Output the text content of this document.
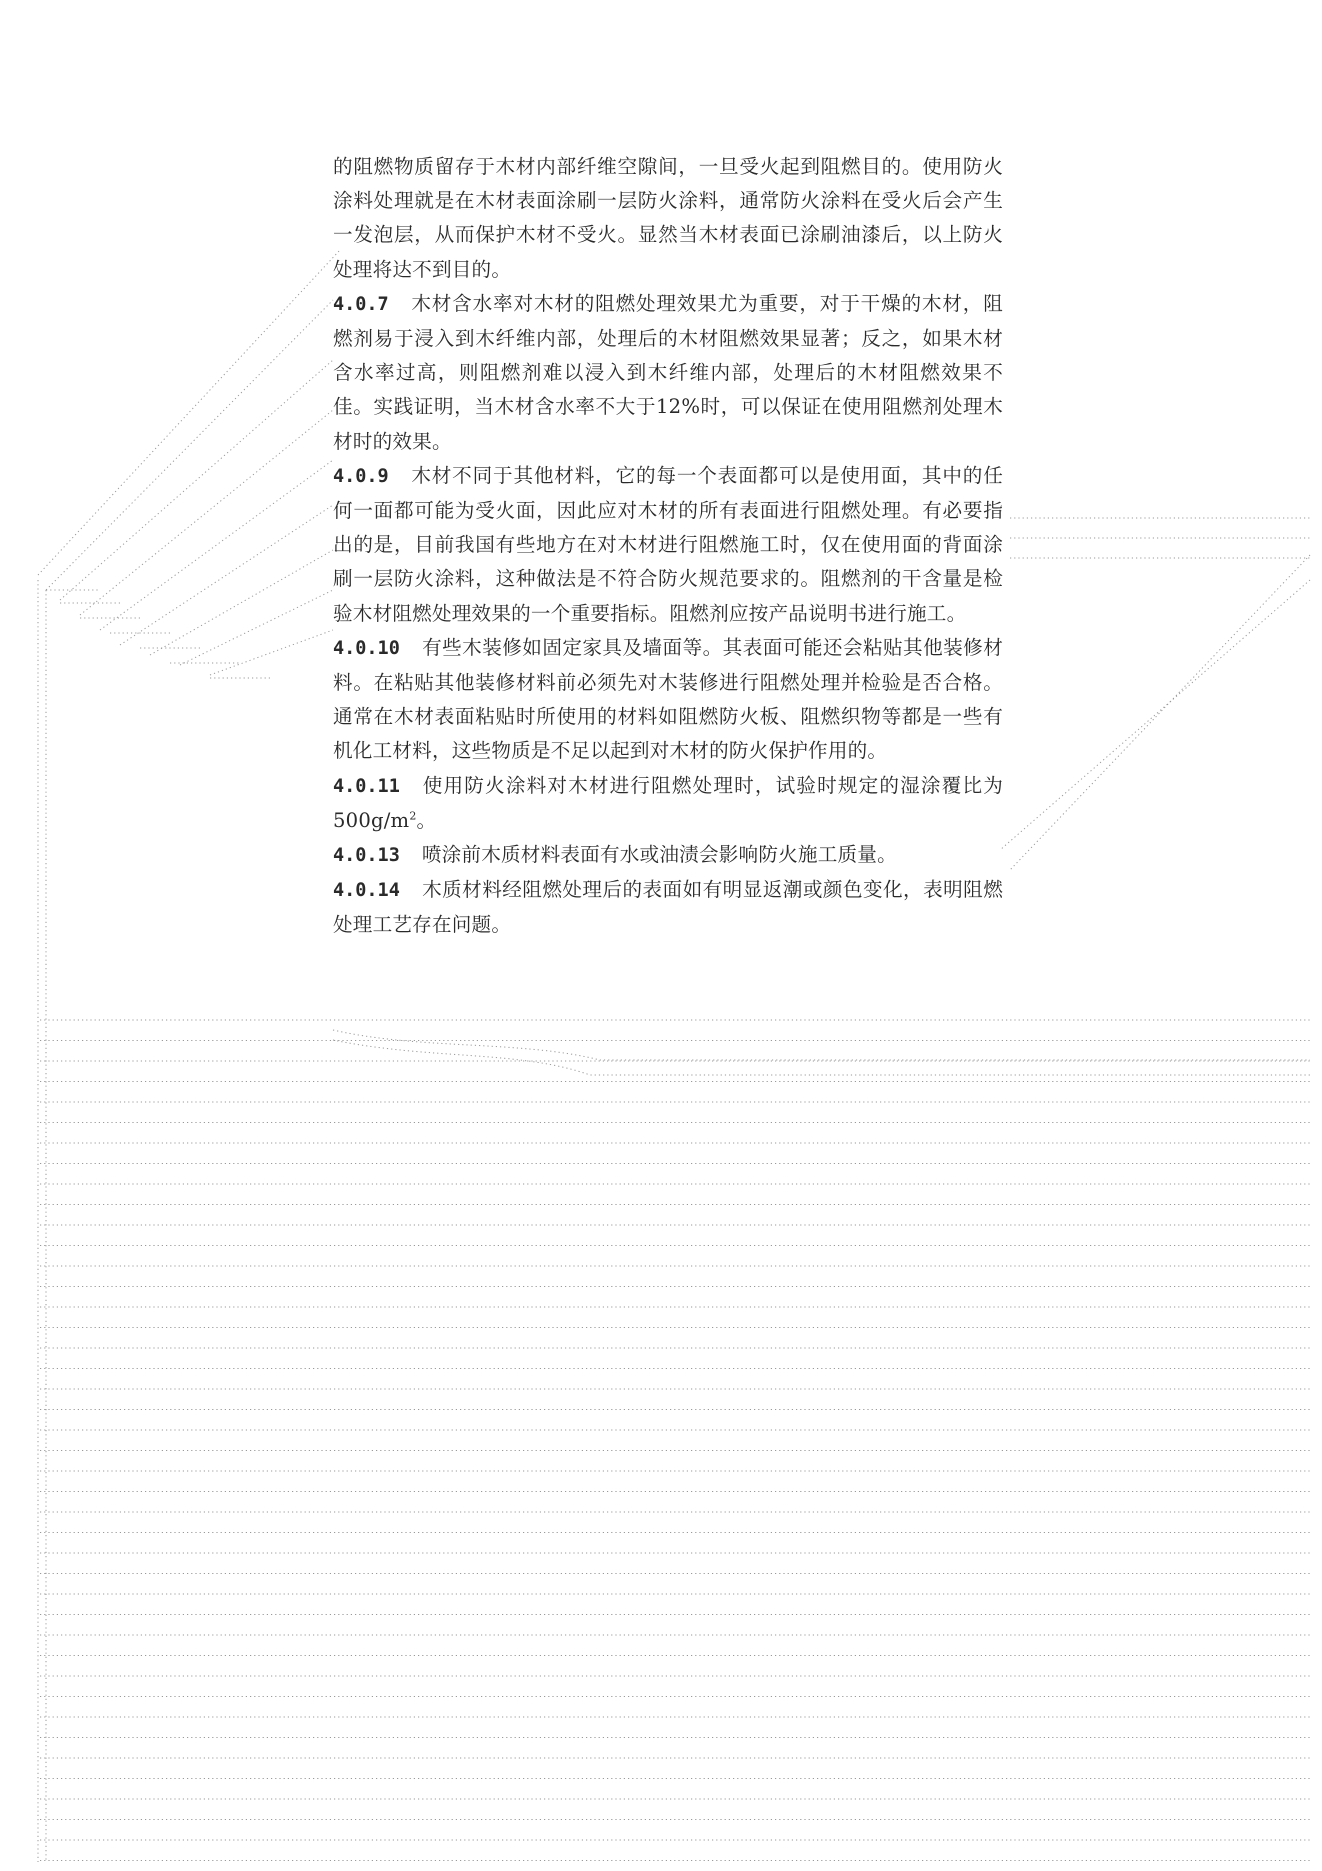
的阻燃物质留存于木材内部纤维空隙间，一旦受火起到阻燃目的。使用防火涂料处理就是在木材表面涂刷一层防火涂料，通常防火涂料在受火后会产生一发泡层，从而保护木材不受火。显然当木材表面已涂刷油漆后，以上防火处理将达不到目的。

4.0.7 木材含水率对木材的阻燃处理效果尤为重要，对于干燥的木材，阻燃剂易于浸入到木纤维内部，处理后的木材阻燃效果显著；反之，如果木材含水率过高，则阻燃剂难以浸入到木纤维内部，处理后的木材阻燃效果不佳。实践证明，当木材含水率不大于12%时，可以保证在使用阻燃剂处理木材时的效果。

4.0.9 木材不同于其他材料，它的每一个表面都可以是使用面，其中的任何一面都可能为受火面，因此应对木材的所有表面进行阻燃处理。有必要指出的是，目前我国有些地方在对木材进行阻燃施工时，仅在使用面的背面涂刷一层防火涂料，这种做法是不符合防火规范要求的。阻燃剂的干含量是检验木材阻燃处理效果的一个重要指标。阻燃剂应按产品说明书进行施工。

4.0.10 有些木装修如固定家具及墙面等。其表面可能还会粘贴其他装修材料。在粘贴其他装修材料前必须先对木装修进行阻燃处理并检验是否合格。通常在木材表面粘贴时所使用的材料如阻燃防火板、阻燃织物等都是一些有机化工材料，这些物质是不足以起到对木材的防火保护作用的。

4.0.11 使用防火涂料对木材进行阻燃处理时，试验时规定的湿涂覆比为$500g/m^2$。

4.0.13 喷涂前木质材料表面有水或油渍会影响防火施工质量。

4.0.14 木质材料经阻燃处理后的表面如有明显返潮或颜色变化，表明阻燃处理工艺存在问题。
